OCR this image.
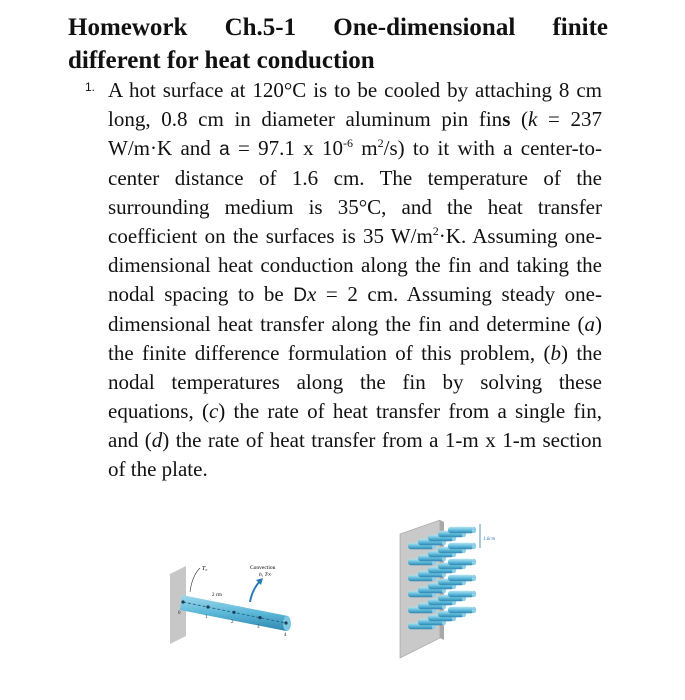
Homework Ch.5-1 One-dimensional finite different for heat conduction
1. A hot surface at 120°C is to be cooled by attaching 8 cm long, 0.8 cm in diameter aluminum pin fins (k = 237 W/m·K and a = 97.1 x $10^{-6}$ $m^2/s$) to it with a center-to-center distance of 1.6 cm. The temperature of the surrounding medium is 35°C, and the heat transfer coefficient on the surfaces is 35 $W/m^2\cdot K$. Assuming one-dimensional heat conduction along the fin and taking the nodal spacing to be Dx = 2 cm. Assuming steady one-dimensional heat transfer along the fin and determine (a) the finite difference formulation of this problem, (b) the nodal temperatures along the fin by solving these equations, (c) the rate of heat transfer from a single fin, and (d) the rate of heat transfer from a 1-m x 1-m section of the plate.
T₀	Convection
h, T∞
2 cm
0
1
2
3
4
1.6cm
